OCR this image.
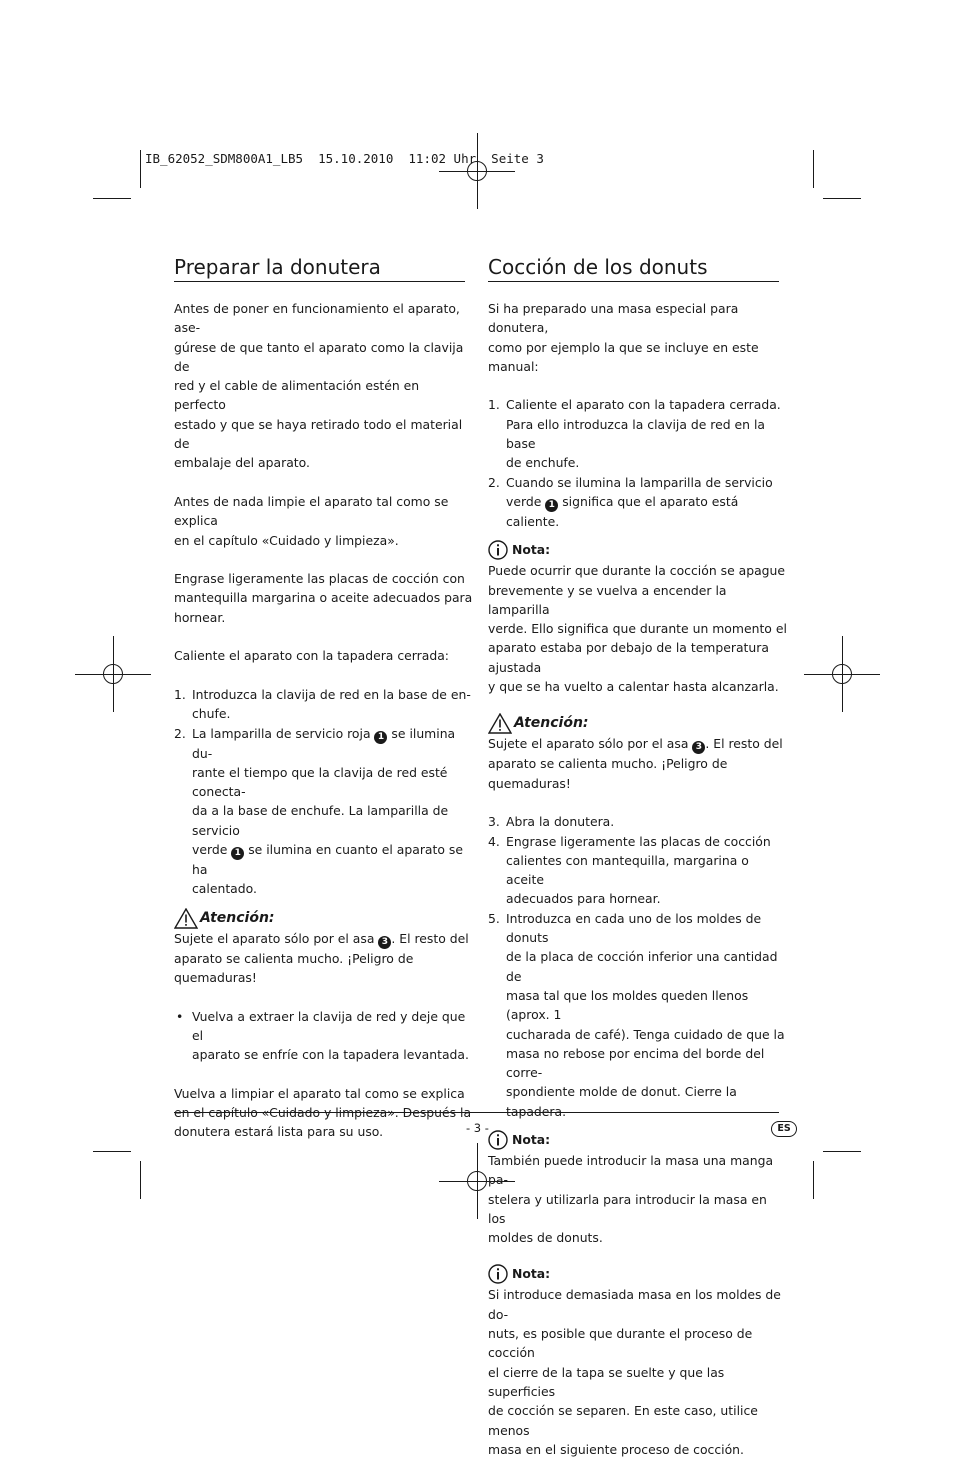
IB_62052_SDM800A1_LB5  15.10.2010  11:02 Uhr  Seite 3
Preparar la donutera

Antes de poner en funcionamiento el aparato, ase-
gúrese de que tanto el aparato como la clavija de
red y el cable de alimentación estén en perfecto
estado y que se haya retirado todo el material de
embalaje del aparato.

Antes de nada limpie el aparato tal como se explica
en el capítulo «Cuidado y limpieza».

Engrase ligeramente las placas de cocción con
mantequilla margarina o aceite adecuados para
hornear.

Caliente el aparato con la tapadera cerrada:

1. Introduzca la clavija de red en la base de en-
chufe.
2. La lamparilla de servicio roja 1 se ilumina du-
rante el tiempo que la clavija de red esté conecta-
da a la base de enchufe. La lamparilla de servicio
verde 1 se ilumina en cuanto el aparato se ha
calentado.
Atención:

Sujete el aparato sólo por el asa 3 . El resto del
aparato se calienta mucho. ¡Peligro de quemaduras!

• Vuelva a extraer la clavija de red y deje que el
aparato se enfríe con la tapadera levantada.

Vuelva a limpiar el aparato tal como se explica
en el capítulo «Cuidado y limpieza». Después la
donutera estará lista para su uso.

Cocción de los donuts

Si ha preparado una masa especial para donutera,
como por ejemplo la que se incluye en este manual:

1. Caliente el aparato con la tapadera cerrada.
Para ello introduzca la clavija de red en la base
de enchufe.
2. Cuando se ilumina la lamparilla de servicio
verde 1 significa que el aparato está caliente.
Nota:

Puede ocurrir que durante la cocción se apague
brevemente y se vuelva a encender la lamparilla
verde. Ello significa que durante un momento el
aparato estaba por debajo de la temperatura ajustada
y que se ha vuelto a calentar hasta alcanzarla.

Atención:

Sujete el aparato sólo por el asa 3 . El resto del
aparato se calienta mucho. ¡Peligro de quemaduras!

3. Abra la donutera.
4. Engrase ligeramente las placas de cocción
calientes con mantequilla, margarina o aceite
adecuados para hornear.
5. Introduzca en cada uno de los moldes de donuts
de la placa de cocción inferior una cantidad de
masa tal que los moldes queden llenos (aprox. 1
cucharada de café). Tenga cuidado de que la
masa no rebose por encima del borde del corre-
spondiente molde de donut. Cierre la tapadera.
Nota:

También puede introducir la masa una manga pa-
stelera y utilizarla para introducir la masa en los
moldes de donuts.

Nota:

Si introduce demasiada masa en los moldes de do-
nuts, es posible que durante el proceso de cocción
el cierre de la tapa se suelte y que las superficies
de cocción se separen. En este caso, utilice menos
masa en el siguiente proceso de cocción.

- 3 -	ES
